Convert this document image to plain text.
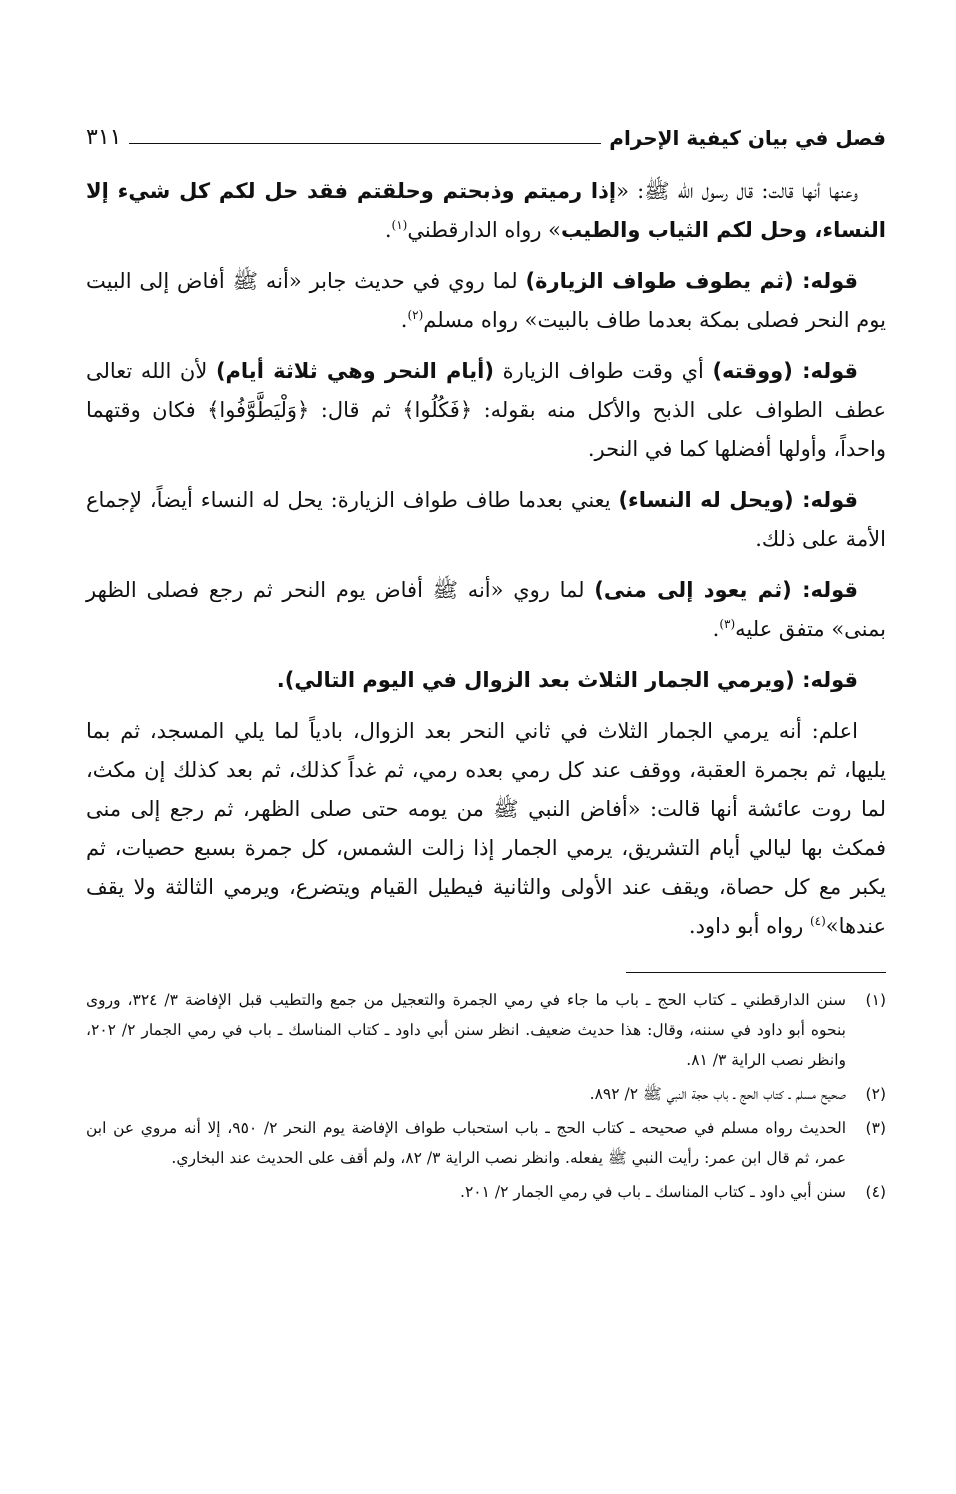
فصل في بيان كيفية الإحرام
٣١١

وعنها أنها قالت: قال رسول الله ﷺ: «إذا رميتم وذبحتم وحلقتم فقد حل لكم كل شيء إلا النساء، وحل لكم الثياب والطيب» رواه الدارقطني$^{(١)}$.

قوله: (ثم يطوف طواف الزيارة) لما روي في حديث جابر «أنه ﷺ أفاض إلى البيت يوم النحر فصلى بمكة بعدما طاف بالبيت» رواه مسلم$^{(٢)}$.

قوله: (ووقته) أي وقت طواف الزيارة (أيام النحر وهي ثلاثة أيام) لأن الله تعالى عطف الطواف على الذبح والأكل منه بقوله: ﴿فَكُلُوا﴾ ثم قال: ﴿وَلْيَطَّوَّفُوا﴾ فكان وقتهما واحداً، وأولها أفضلها كما في النحر.

قوله: (ويحل له النساء) يعني بعدما طاف طواف الزيارة: يحل له النساء أيضاً، لإجماع الأمة على ذلك.

قوله: (ثم يعود إلى منى) لما روي «أنه ﷺ أفاض يوم النحر ثم رجع فصلى الظهر بمنى» متفق عليه$^{(٣)}$.

قوله: (ويرمي الجمار الثلاث بعد الزوال في اليوم التالي).

اعلم: أنه يرمي الجمار الثلاث في ثاني النحر بعد الزوال، بادياً لما يلي المسجد، ثم بما يليها، ثم بجمرة العقبة، ووقف عند كل رمي بعده رمي، ثم غداً كذلك، ثم بعد كذلك إن مكث، لما روت عائشة أنها قالت: «أفاض النبي ﷺ من يومه حتى صلى الظهر، ثم رجع إلى منى فمكث بها ليالي أيام التشريق، يرمي الجمار إذا زالت الشمس، كل جمرة بسبع حصيات، ثم يكبر مع كل حصاة، ويقف عند الأولى والثانية فيطيل القيام ويتضرع، ويرمي الثالثة ولا يقف عندها»$^{(٤)}$ رواه أبو داود.

(١)
سنن الدارقطني ـ كتاب الحج ـ باب ما جاء في رمي الجمرة والتعجيل من جمع والتطيب قبل الإفاضة ٣/ ٣٢٤، وروى بنحوه أبو داود في سننه، وقال: هذا حديث ضعيف. انظر سنن أبي داود ـ كتاب المناسك ـ باب في رمي الجمار ٢/ ٢٠٢، وانظر نصب الراية ٣/ ٨١.
(٢)
صحيح مسلم ـ كتاب الحج ـ باب حجة النبي ﷺ ٢/ ٨٩٢.
(٣)
الحديث رواه مسلم في صحيحه ـ كتاب الحج ـ باب استحباب طواف الإفاضة يوم النحر ٢/ ٩٥٠، إلا أنه مروي عن ابن عمر، ثم قال ابن عمر: رأيت النبي ﷺ يفعله. وانظر نصب الراية ٣/ ٨٢، ولم أقف على الحديث عند البخاري.
(٤)
سنن أبي داود ـ كتاب المناسك ـ باب في رمي الجمار ٢/ ٢٠١.
